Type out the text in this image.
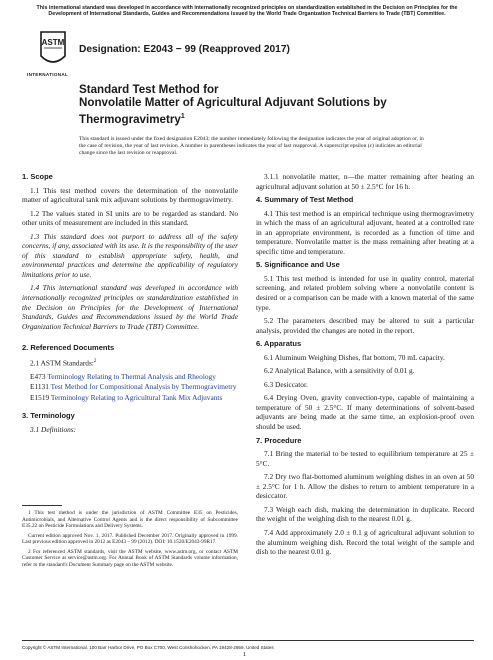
This international standard was developed in accordance with internationally recognized principles on standardization established in the Decision on Principles for the Development of International Standards, Guides and Recommendations issued by the World Trade Organization Technical Barriers to Trade (TBT) Committee.
ASTM
INTERNATIONAL
Designation: E2043 − 99 (Reapproved 2017)
Standard Test Method for
Nonvolatile Matter of Agricultural Adjuvant Solutions by
Thermogravimetry$^1$
This standard is issued under the fixed designation E2043; the number immediately following the designation indicates the year of original adoption or, in the case of revision, the year of last revision. A number in parentheses indicates the year of last reapproval. A superscript epsilon (ε) indicates an editorial change since the last revision or reapproval.
1. Scope

1.1 This test method covers the determination of the nonvolatile matter of agricultural tank mix adjuvant solutions by thermogravimetry.

1.2 The values stated in SI units are to be regarded as standard. No other units of measurement are included in this standard.

1.3 This standard does not purport to address all of the safety concerns, if any, associated with its use. It is the responsibility of the user of this standard to establish appropriate safety, health, and environmental practices and determine the applicability of regulatory limitations prior to use.

1.4 This international standard was developed in accordance with internationally recognized principles on standardization established in the Decision on Principles for the Development of International Standards, Guides and Recommendations issued by the World Trade Organization Technical Barriers to Trade (TBT) Committee.

2. Referenced Documents

2.1 ASTM Standards:$^2$

E473 Terminology Relating to Thermal Analysis and Rheology
E1131 Test Method for Compositional Analysis by Thermogravimetry
E1519 Terminology Relating to Agricultural Tank Mix Adjuvants
3. Terminology

3.1 Definitions:

1 This test method is under the jurisdiction of ASTM Committee E35 on Pesticides, Antimicrobials, and Alternative Control Agents and is the direct responsibility of Subcommittee E35.22 on Pesticide Formulations and Delivery Systems.

Current edition approved Nov. 1, 2017. Published December 2017. Originally approved in 1999. Last previous edition approved in 2012 as E2043 – 99 (2012). DOI: 10.1520/E2043-99R17.

2 For referenced ASTM standards, visit the ASTM website, www.astm.org, or contact ASTM Customer Service at service@astm.org. For Annual Book of ASTM Standards volume information, refer to the standard's Document Summary page on the ASTM website.

3.1.1 nonvolatile matter, n—the matter remaining after heating an agricultural adjuvant solution at 50 ± 2.5°C for 16 h.

4. Summary of Test Method

4.1 This test method is an empirical technique using thermogravimetry in which the mass of an agricultural adjuvant, heated at a controlled rate in an appropriate environment, is recorded as a function of time and temperature. Nonvolatile matter is the mass remaining after heating at a specific time and temperature.

5. Significance and Use

5.1 This test method is intended for use in quality control, material screening, and related problem solving where a nonvolatile content is desired or a comparison can be made with a known material of the same type.

5.2 The parameters described may be altered to suit a particular analysis, provided the changes are noted in the report.

6. Apparatus

6.1 Aluminum Weighing Dishes, flat bottom, 70 mL capacity.

6.2 Analytical Balance, with a sensitivity of 0.01 g.

6.3 Desiccator.

6.4 Drying Oven, gravity convection-type, capable of maintaining a temperature of 50 ± 2.5°C. If many determinations of solvent-based adjuvants are being made at the same time, an explosion-proof oven should be used.

7. Procedure

7.1 Bring the material to be tested to equilibrium temperature at 25 ± 5°C.

7.2 Dry two flat-bottomed aluminum weighing dishes in an oven at 50 ± 2.5°C for 1 h. Allow the dishes to return to ambient temperature in a desiccator.

7.3 Weigh each dish, making the determination in duplicate. Record the weight of the weighing dish to the nearest 0.01 g.

7.4 Add approximately 2.0 ± 0.1 g of agricultural adjuvant solution to the aluminum weighing dish. Record the total weight of the sample and dish to the nearest 0.01 g.

Copyright © ASTM International, 100 Barr Harbor Drive, PO Box C700, West Conshohocken, PA 19428-2959. United States
1
